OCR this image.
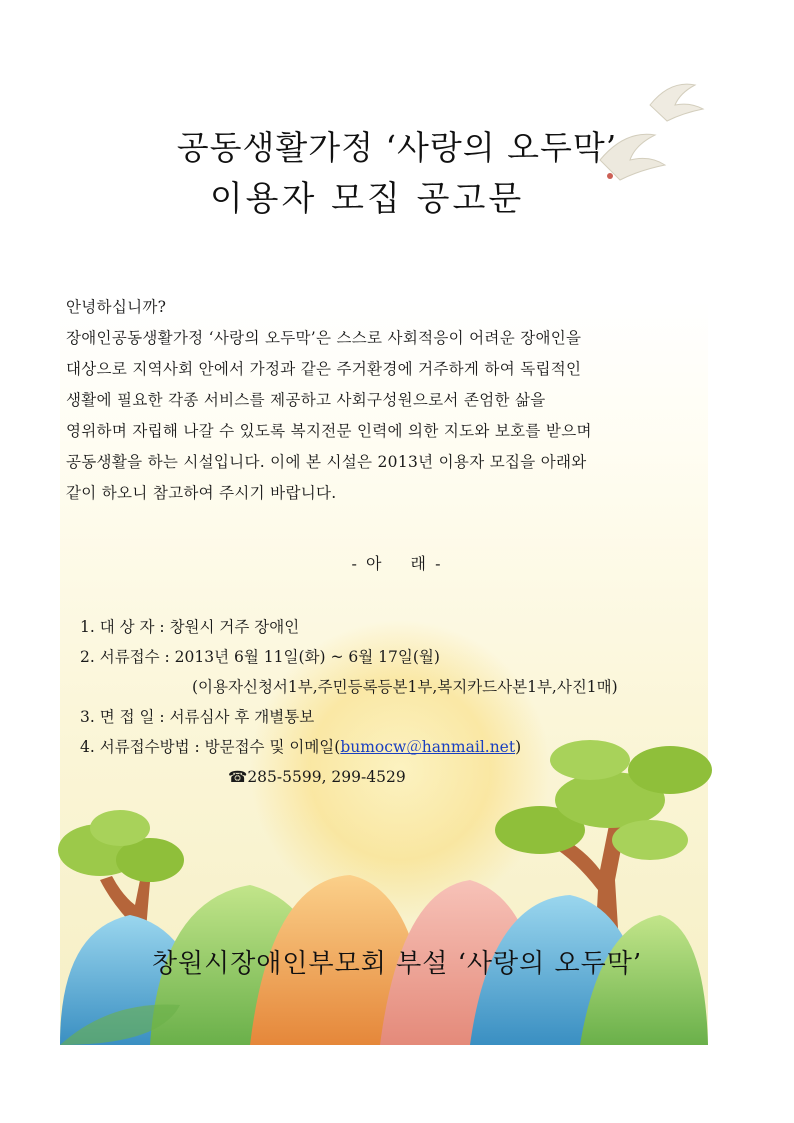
공동생활가정 ‘사랑의 오두막’
이용자 모집 공고문

안녕하십니까?

장애인공동생활가정 ‘사랑의 오두막’은 스스로 사회적응이 어려운 장애인을

대상으로 지역사회 안에서 가정과 같은 주거환경에 거주하게 하여 독립적인

생활에 필요한 각종 서비스를 제공하고 사회구성원으로서 존엄한 삶을

영위하며 자립해 나갈 수 있도록 복지전문 인력에 의한 지도와 보호를 받으며

공동생활을 하는 시설입니다. 이에 본 시설은 2013년 이용자 모집을 아래와

같이 하오니 참고하여 주시기 바랍니다.

- 아 래 -
1. 대 상 자 : 창원시 거주 장애인
2. 서류접수 : 2013년 6월 11일(화) ~ 6월 17일(월)
(이용자신청서1부,주민등록등본1부,복지카드사본1부,사진1매)
3. 면 접 일 : 서류심사 후 개별통보
4. 서류접수방법 : 방문접수 및 이메일(bumocw＠hanmail.net)
☎285-5599, 299-4529
창원시장애인부모회 부설 ‘사랑의 오두막’
